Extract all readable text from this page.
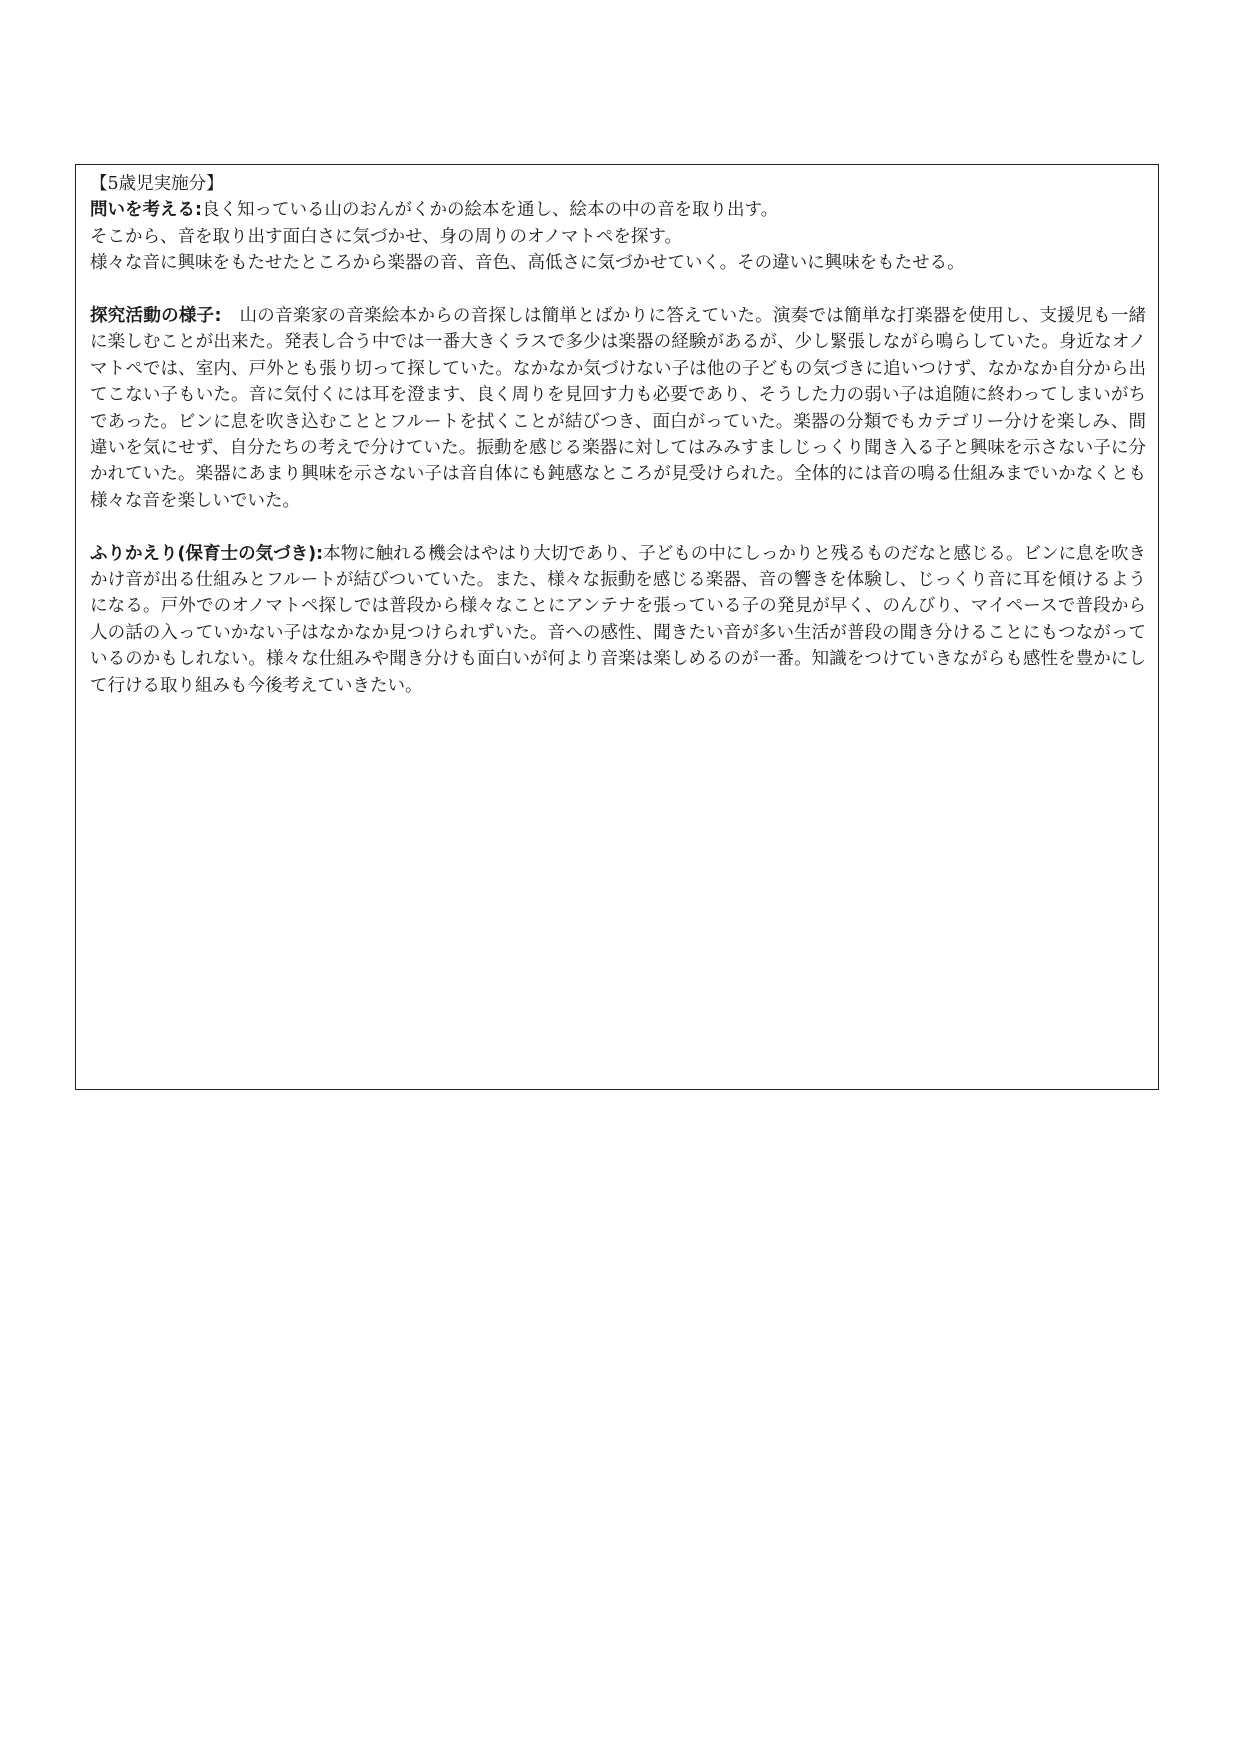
【5歳児実施分】

問いを考える:良く知っている山のおんがくかの絵本を通し、絵本の中の音を取り出す。

そこから、音を取り出す面白さに気づかせ、身の周りのオノマトペを探す。

様々な音に興味をもたせたところから楽器の音、音色、高低さに気づかせていく。その違いに興味をもたせる。

探究活動の様子:　山の音楽家の音楽絵本からの音探しは簡単とばかりに答えていた。演奏では簡単な打楽器を使用し、支援児も一緒に楽しむことが出来た。発表し合う中では一番大きくラスで多少は楽器の経験があるが、少し緊張しながら鳴らしていた。身近なオノマトペでは、室内、戸外とも張り切って探していた。なかなか気づけない子は他の子どもの気づきに追いつけず、なかなか自分から出てこない子もいた。音に気付くには耳を澄ます、良く周りを見回す力も必要であり、そうした力の弱い子は追随に終わってしまいがちであった。ビンに息を吹き込むこととフルートを拭くことが結びつき、面白がっていた。楽器の分類でもカテゴリー分けを楽しみ、間違いを気にせず、自分たちの考えで分けていた。振動を感じる楽器に対してはみみすましじっくり聞き入る子と興味を示さない子に分かれていた。楽器にあまり興味を示さない子は音自体にも鈍感なところが見受けられた。全体的には音の鳴る仕組みまでいかなくとも様々な音を楽しいでいた。

ふりかえり(保育士の気づき):本物に触れる機会はやはり大切であり、子どもの中にしっかりと残るものだなと感じる。ビンに息を吹きかけ音が出る仕組みとフルートが結びついていた。また、様々な振動を感じる楽器、音の響きを体験し、じっくり音に耳を傾けるようになる。戸外でのオノマトペ探しでは普段から様々なことにアンテナを張っている子の発見が早く、のんびり、マイペースで普段から人の話の入っていかない子はなかなか見つけられずいた。音への感性、聞きたい音が多い生活が普段の聞き分けることにもつながっているのかもしれない。様々な仕組みや聞き分けも面白いが何より音楽は楽しめるのが一番。知識をつけていきながらも感性を豊かにして行ける取り組みも今後考えていきたい。
